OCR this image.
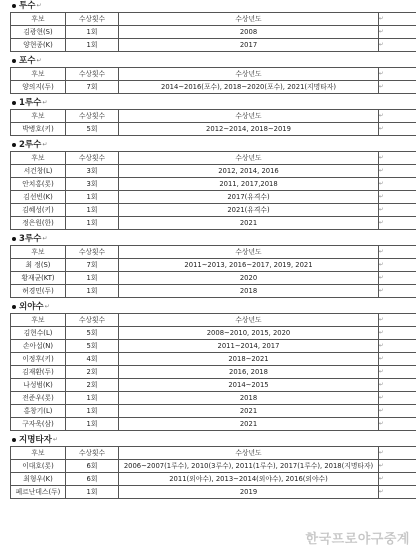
투수 ↵
후보	수상횟수	수상년도	↵
김광현(S)	1회	2008	↵
양현종(K)	1회	2017	↵
포수 ↵
후보	수상횟수	수상년도	↵
양의지(두)	7회	2014~2016(포수), 2018~2020(포수), 2021(지명타자)	↵
1루수 ↵
후보	수상횟수	수상년도	↵
박병호(키)	5회	2012~2014, 2018~2019	↵
2루수 ↵
후보	수상횟수	수상년도	↵
서건창(L)	3회	2012, 2014, 2016	↵
안치홍(롯)	3회	2011, 2017,2018	↵
김선빈(K)	1회	2017(유격수)	↵
김혜성(키)	1회	2021(유격수)	↵
정은원(한)	1회	2021	↵
3루수 ↵
후보	수상횟수	수상년도	↵
최 정(S)	7회	2011~2013, 2016~2017, 2019, 2021	↵
황재균(KT)	1회	2020	↵
허경민(두)	1회	2018	↵
외야수 ↵
후보	수상횟수	수상년도	↵
김현수(L)	5회	2008~2010, 2015, 2020	↵
손아섭(N)	5회	2011~2014, 2017	↵
이정후(키)	4회	2018~2021	↵
김재환(두)	2회	2016, 2018	↵
나성범(K)	2회	2014~2015	↵
전준우(롯)	1회	2018	↵
홍창기(L)	1회	2021	↵
구자욱(삼)	1회	2021	↵
지명타자 ↵
후보	수상횟수	수상년도	↵
이대호(롯)	6회	2006~2007(1루수), 2010(3루수), 2011(1루수), 2017(1루수), 2018(지명타자)	↵
최형우(K)	6회	2011(외야수), 2013~2014(외야수), 2016(외야수)	↵
페르난데스(두)	1회	2019	↵
한국프로야구중계
